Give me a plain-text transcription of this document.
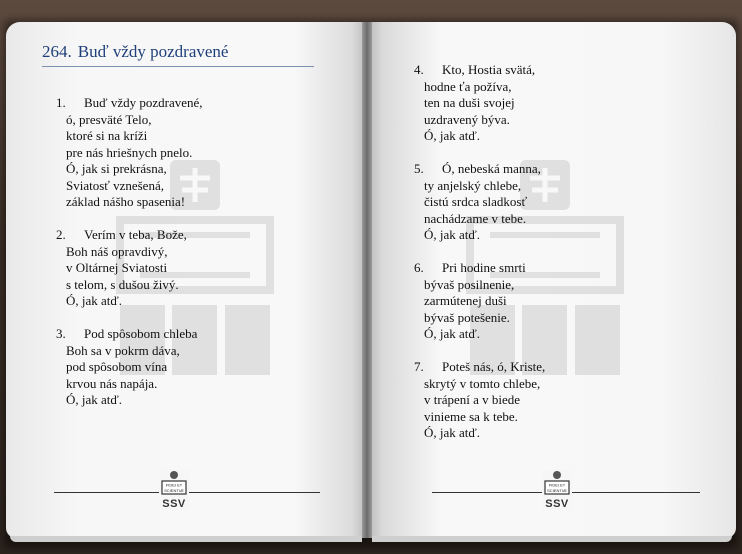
264. Buď vždy pozdravené
1. Buď vždy pozdravené,
ó, presväté Telo,
ktoré si na kríži
pre nás hriešnych pnelo.
Ó, jak si prekrásna,
Sviatosť vznešená,
základ nášho spasenia!
2. Verím v teba, Bože,
Boh náš opravdivý,
v Oltárnej Sviatosti
s telom, s dušou živý.
Ó, jak atď.
3. Pod spôsobom chleba
Boh sa v pokrm dáva,
pod spôsobom vína
krvou nás napája.
Ó, jak atď.
4. Kto, Hostia svätá,
hodne ťa požíva,
ten na duši svojej
uzdravený býva.
Ó, jak atď.
5. Ó, nebeská manna,
ty anjelský chlebe,
čistú srdca sladkosť
nachádzame v tebe.
Ó, jak atď.
6. Pri hodine smrti
bývaš posilnenie,
zarmútenej duši
bývaš potešenie.
Ó, jak atď.
7. Poteš nás, ó, Kriste,
skrytý v tomto chlebe,
v trápení a v biede
vinieme sa k tebe.
Ó, jak atď.
FIDEI ET
SCIENTIÆ
SSV
FIDEI ET
SCIENTIÆ
SSV
